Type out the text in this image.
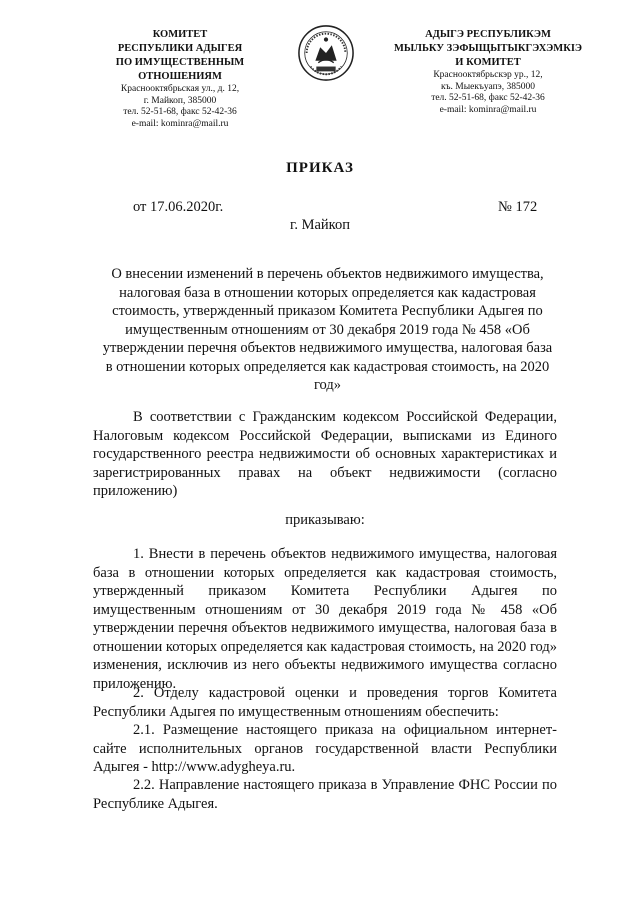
КОМИТЕТ
РЕСПУБЛИКИ АДЫГЕЯ
ПО ИМУЩЕСТВЕННЫМ ОТНОШЕНИЯМ
Краснооктябрьская ул., д. 12,
г. Майкоп, 385000
тел. 52-51-68, факс 52-42-36
e-mail: kominra@mail.ru
АДЫГЭ РЕСПУБЛИКЭМ
МЫЛЬКУ ЗЭФЫЩЫТЫКГЭХЭМКIЭ
И КОМИТЕТ
Краснооктябрьскэр ур., 12,
къ. Мыекъуапэ, 385000
тел. 52-51-68, факс 52-42-36
e-mail: kominra@mail.ru
ПРИКАЗ
от 17.06.2020г.	№ 172
г. Майкоп
О внесении изменений в перечень объектов недвижимого имущества, налоговая база в отношении которых определяется как кадастровая стоимость, утвержденный приказом Комитета Республики Адыгея по имущественным отношениям от 30 декабря 2019 года № 458 «Об утверждении перечня объектов недвижимого имущества, налоговая база в отношении которых определяется как кадастровая стоимость, на 2020 год»

В соответствии с Гражданским кодексом Российской Федерации, Налоговым кодексом Российской Федерации, выписками из Единого государственного реестра недвижимости об основных характеристиках и зарегистрированных правах на объект недвижимости (согласно приложению)

приказываю:

1. Внести в перечень объектов недвижимого имущества, налоговая база в отношении которых определяется как кадастровая стоимость, утвержденный приказом Комитета Республики Адыгея по имущественным отношениям от 30 декабря 2019 года № 458 «Об утверждении перечня объектов недвижимого имущества, налоговая база в отношении которых определяется как кадастровая стоимость, на 2020 год» изменения, исключив из него объекты недвижимого имущества согласно приложению.

2. Отделу кадастровой оценки и проведения торгов Комитета Республики Адыгея по имущественным отношениям обеспечить:

2.1. Размещение настоящего приказа на официальном интернет-сайте исполнительных органов государственной власти Республики Адыгея - http://www.adygheya.ru.

2.2. Направление настоящего приказа в Управление ФНС России по Республике Адыгея.
